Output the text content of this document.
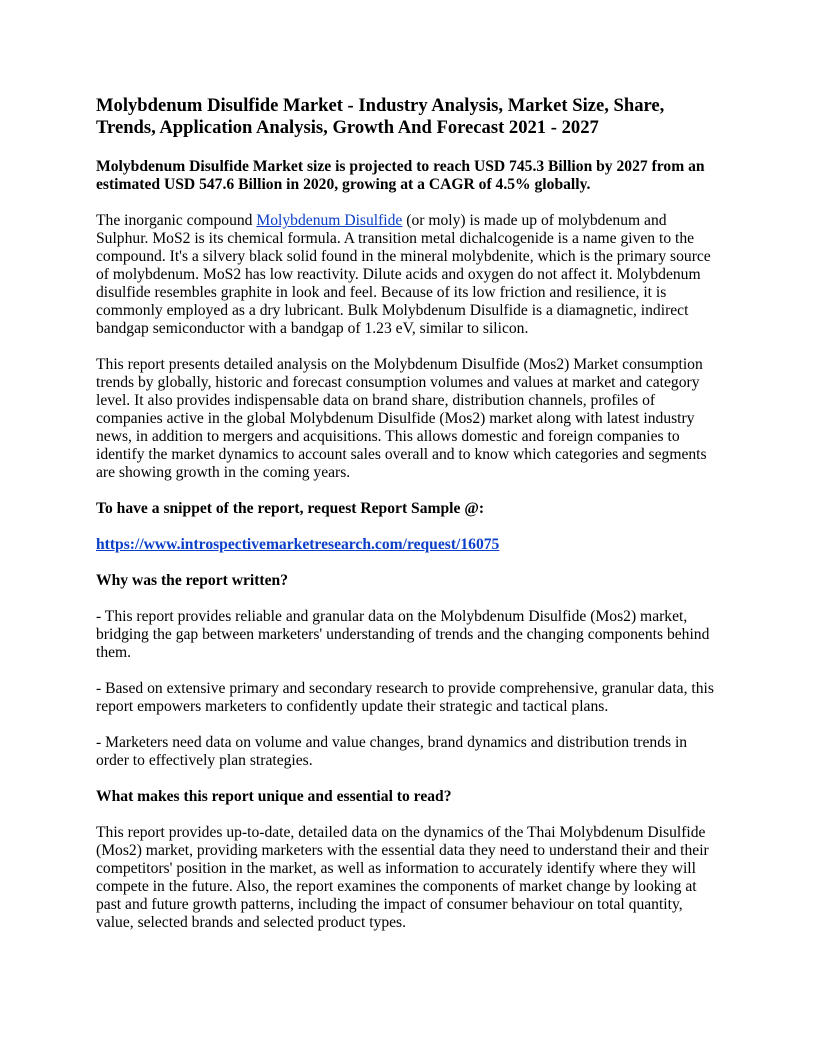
Molybdenum Disulfide Market - Industry Analysis, Market Size, Share, Trends, Application Analysis, Growth And Forecast 2021 - 2027
Molybdenum Disulfide Market size is projected to reach USD 745.3 Billion by 2027 from an estimated USD 547.6 Billion in 2020, growing at a CAGR of 4.5% globally.

The inorganic compound Molybdenum Disulfide (or moly) is made up of molybdenum and Sulphur. MoS2 is its chemical formula. A transition metal dichalcogenide is a name given to the compound. It's a silvery black solid found in the mineral molybdenite, which is the primary source of molybdenum. MoS2 has low reactivity. Dilute acids and oxygen do not affect it. Molybdenum disulfide resembles graphite in look and feel. Because of its low friction and resilience, it is commonly employed as a dry lubricant. Bulk Molybdenum Disulfide is a diamagnetic, indirect bandgap semiconductor with a bandgap of 1.23 eV, similar to silicon.

This report presents detailed analysis on the Molybdenum Disulfide (Mos2) Market consumption trends by globally, historic and forecast consumption volumes and values at market and category level. It also provides indispensable data on brand share, distribution channels, profiles of companies active in the global Molybdenum Disulfide (Mos2) market along with latest industry news, in addition to mergers and acquisitions. This allows domestic and foreign companies to identify the market dynamics to account sales overall and to know which categories and segments are showing growth in the coming years.

To have a snippet of the report, request Report Sample @:

https://www.introspectivemarketresearch.com/request/16075

Why was the report written?

- This report provides reliable and granular data on the Molybdenum Disulfide (Mos2) market, bridging the gap between marketers' understanding of trends and the changing components behind them.

- Based on extensive primary and secondary research to provide comprehensive, granular data, this report empowers marketers to confidently update their strategic and tactical plans.

- Marketers need data on volume and value changes, brand dynamics and distribution trends in order to effectively plan strategies.

What makes this report unique and essential to read?

This report provides up-to-date, detailed data on the dynamics of the Thai Molybdenum Disulfide (Mos2) market, providing marketers with the essential data they need to understand their and their competitors' position in the market, as well as information to accurately identify where they will compete in the future. Also, the report examines the components of market change by looking at past and future growth patterns, including the impact of consumer behaviour on total quantity, value, selected brands and selected product types.
